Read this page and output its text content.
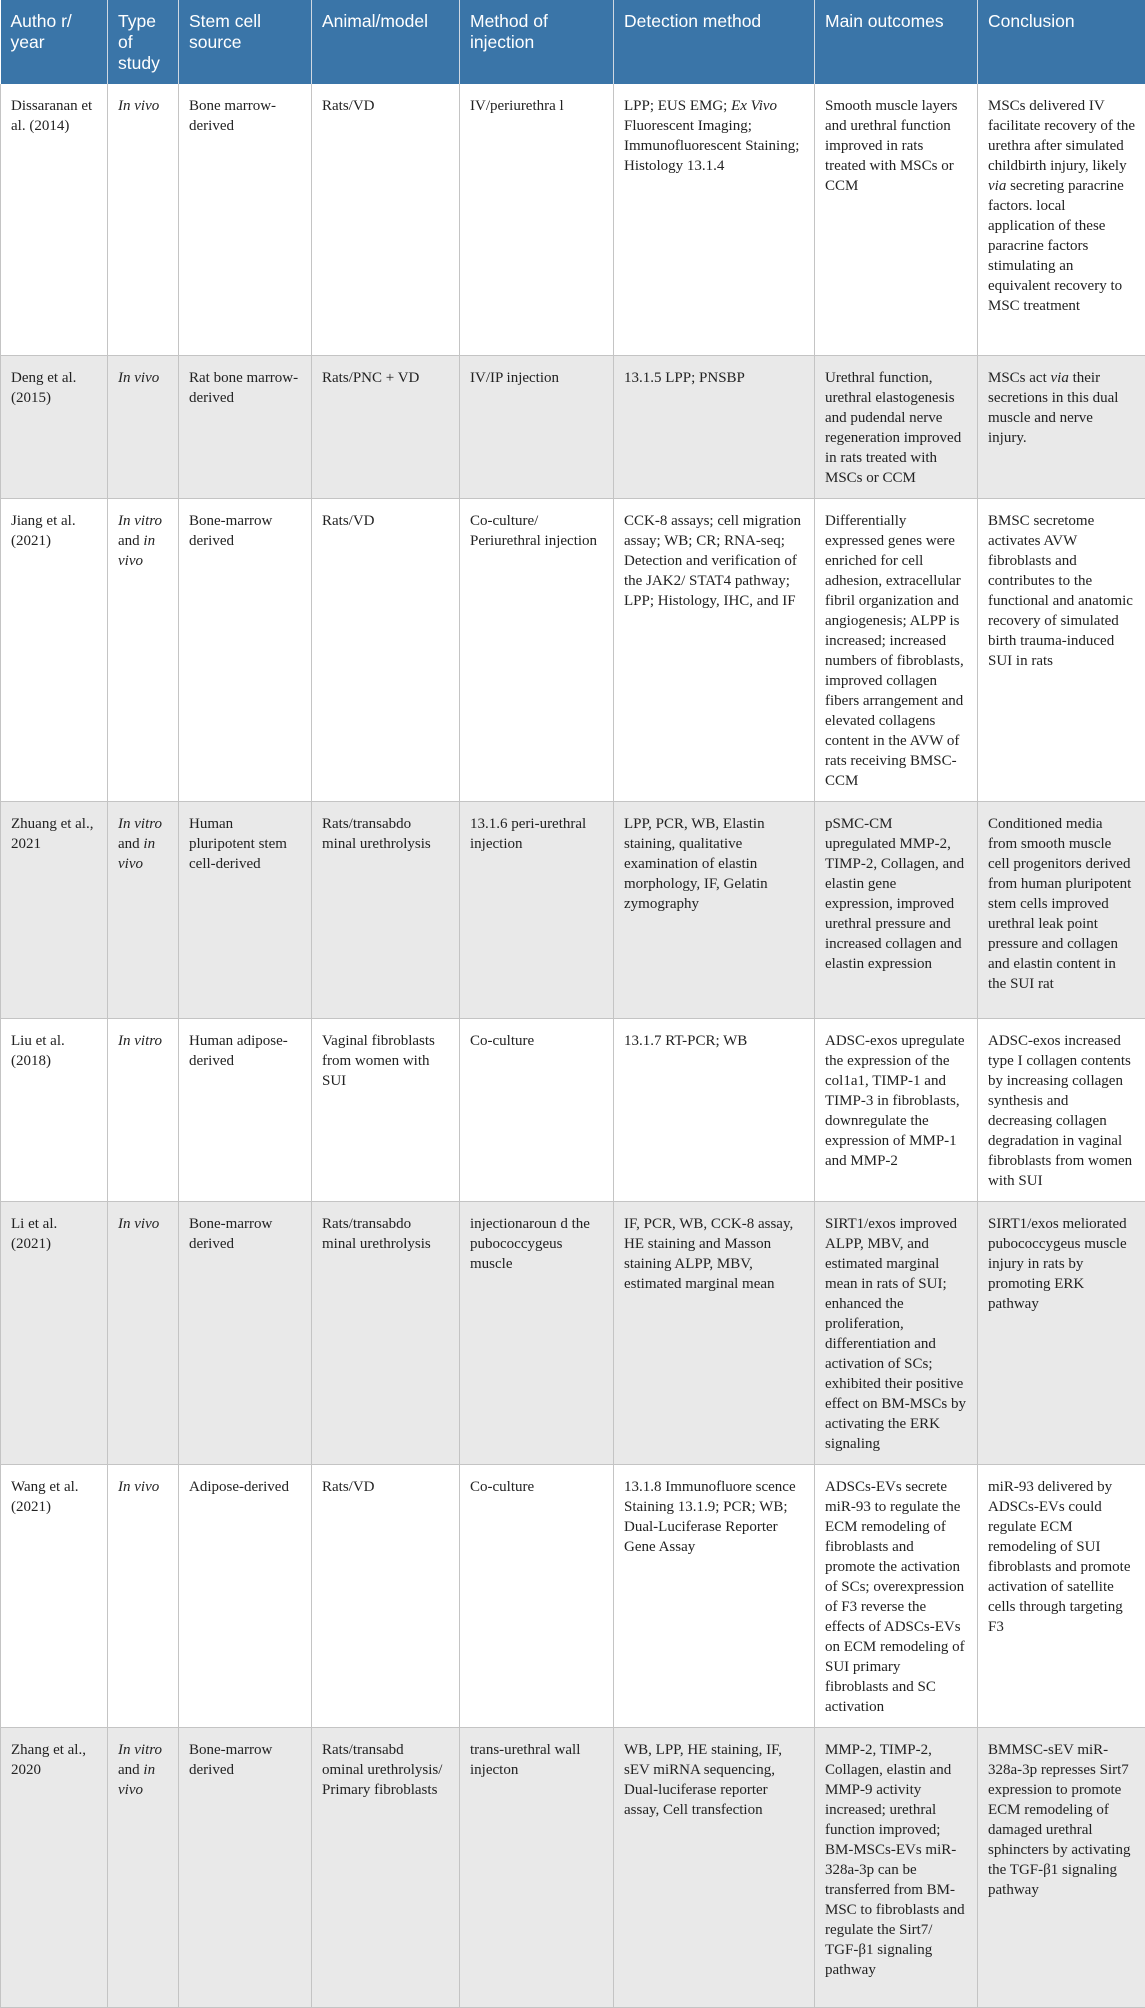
Autho r/ year	Type of study	Stem cell source	Animal/model	Method of injection	Detection method	Main outcomes	Conclusion
Dissaranan et al. (2014)	In vivo	Bone marrow-derived	Rats/VD	IV/periurethra l	LPP; EUS EMG; Ex Vivo Fluorescent Imaging; Immunofluorescent Staining; Histology 13.1.4	Smooth muscle layers and urethral function improved in rats treated with MSCs or CCM	MSCs delivered IV facilitate recovery of the urethra after simulated childbirth injury, likely via secreting paracrine factors. local application of these paracrine factors stimulating an equivalent recovery to MSC treatment
Deng et al. (2015)	In vivo	Rat bone marrow-derived	Rats/PNC + VD	IV/IP injection	13.1.5 LPP; PNSBP	Urethral function, urethral elastogenesis and pudendal nerve regeneration improved in rats treated with MSCs or CCM	MSCs act via their secretions in this dual muscle and nerve injury.
Jiang et al. (2021)	In vitro and in vivo	Bone-marrow derived	Rats/VD	Co-culture/ Periurethral injection	CCK-8 assays; cell migration assay; WB; CR; RNA-seq; Detection and verification of the JAK2/ STAT4 pathway; LPP; Histology, IHC, and IF	Differentially expressed genes were enriched for cell adhesion, extracellular fibril organization and angiogenesis; ALPP is increased; increased numbers of fibroblasts, improved collagen fibers arrangement and elevated collagens content in the AVW of rats receiving BMSC-CCM	BMSC secretome activates AVW fibroblasts and contributes to the functional and anatomic recovery of simulated birth trauma-induced SUI in rats
Zhuang et al., 2021	In vitro and in vivo	Human pluripotent stem cell-derived	Rats/transabdo minal urethrolysis	13.1.6 peri-urethral injection	LPP, PCR, WB, Elastin staining, qualitative examination of elastin morphology, IF, Gelatin zymography	pSMC-CM upregulated MMP-2, TIMP-2, Collagen, and elastin gene expression, improved urethral pressure and increased collagen and elastin expression	Conditioned media from smooth muscle cell progenitors derived from human pluripotent stem cells improved urethral leak point pressure and collagen and elastin content in the SUI rat
Liu et al. (2018)	In vitro	Human adipose-derived	Vaginal fibroblasts from women with SUI	Co-culture	13.1.7 RT-PCR; WB	ADSC-exos upregulate the expression of the col1a1, TIMP-1 and TIMP-3 in fibroblasts, downregulate the expression of MMP-1 and MMP-2	ADSC-exos increased type I collagen contents by increasing collagen synthesis and decreasing collagen degradation in vaginal fibroblasts from women with SUI
Li et al. (2021)	In vivo	Bone-marrow derived	Rats/transabdo minal urethrolysis	injectionaroun d the pubococcygeus muscle	IF, PCR, WB, CCK-8 assay, HE staining and Masson staining ALPP, MBV, estimated marginal mean	SIRT1/exos improved ALPP, MBV, and estimated marginal mean in rats of SUI; enhanced the proliferation, differentiation and activation of SCs; exhibited their positive effect on BM-MSCs by activating the ERK signaling	SIRT1/exos meliorated pubococcygeus muscle injury in rats by promoting ERK pathway
Wang et al. (2021)	In vivo	Adipose-derived	Rats/VD	Co-culture	13.1.8 Immunofluore scence Staining 13.1.9; PCR; WB; Dual-Luciferase Reporter Gene Assay	ADSCs-EVs secrete miR-93 to regulate the ECM remodeling of fibroblasts and promote the activation of SCs; overexpression of F3 reverse the effects of ADSCs-EVs on ECM remodeling of SUI primary fibroblasts and SC activation	miR-93 delivered by ADSCs-EVs could regulate ECM remodeling of SUI fibroblasts and promote activation of satellite cells through targeting F3
Zhang et al., 2020	In vitro and in vivo	Bone-marrow derived	Rats/transabd ominal urethrolysis/ Primary fibroblasts	trans-urethral wall injecton	WB, LPP, HE staining, IF, sEV miRNA sequencing, Dual-luciferase reporter assay, Cell transfection	MMP-2, TIMP-2, Collagen, elastin and MMP-9 activity increased; urethral function improved; BM-MSCs-EVs miR-328a-3p can be transferred from BM-MSC to fibroblasts and regulate the Sirt7/ TGF-β1 signaling pathway	BMMSC-sEV miR-328a-3p represses Sirt7 expression to promote ECM remodeling of damaged urethral sphincters by activating the TGF-β1 signaling pathway
